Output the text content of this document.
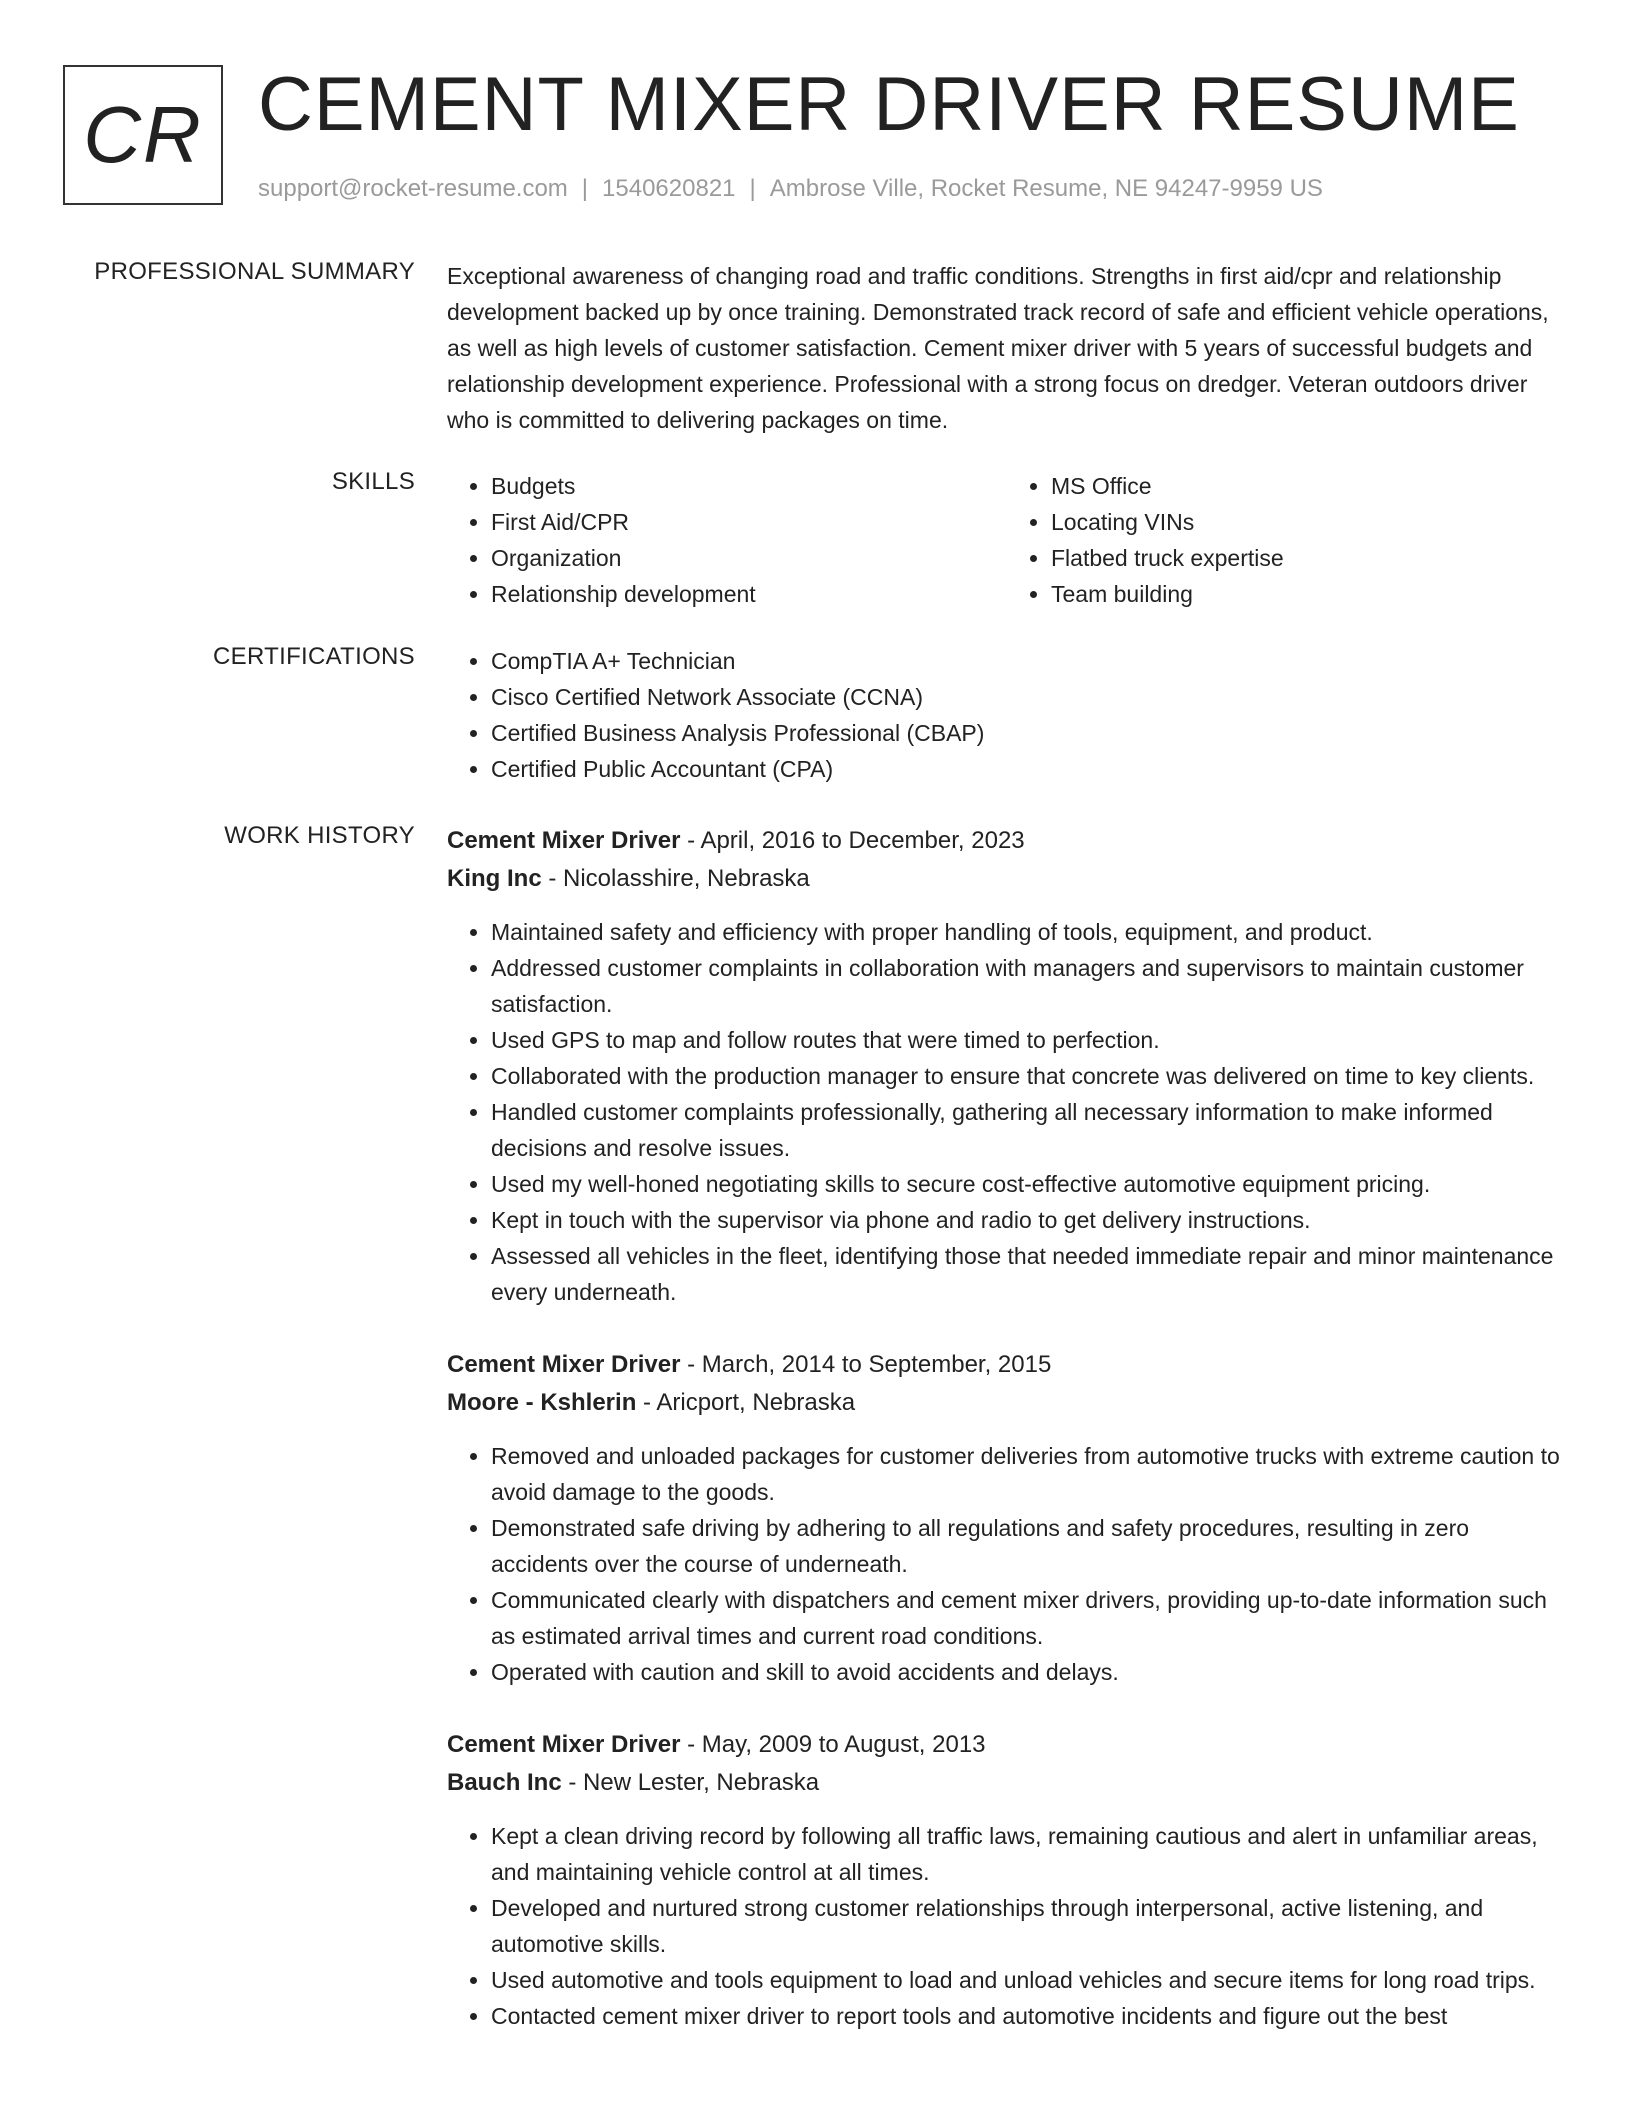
CR CEMENT MIXER DRIVER RESUME
support@rocket-resume.com | 1540620821 | Ambrose Ville, Rocket Resume, NE 94247-9959 US
PROFESSIONAL SUMMARY Exceptional awareness of changing road and traffic conditions. Strengths in first aid/cpr and relationship development backed up by once training. Demonstrated track record of safe and efficient vehicle operations, as well as high levels of customer satisfaction. Cement mixer driver with 5 years of successful budgets and relationship development experience. Professional with a strong focus on dredger. Veteran outdoors driver who is committed to delivering packages on time.

SKILLS	• Budgets
• First Aid/CPR
• Organization
• Relationship development
• MS Office
• Locating VINs
• Flatbed truck expertise
• Team building
CERTIFICATIONS	• CompTIA A+ Technician
• Cisco Certified Network Associate (CCNA)
• Certified Business Analysis Professional (CBAP)
• Certified Public Accountant (CPA)
WORK HISTORY Cement Mixer Driver - April, 2016 to December, 2023
King Inc - Nicolasshire, Nebraska
• Maintained safety and efficiency with proper handling of tools, equipment, and product.
• Addressed customer complaints in collaboration with managers and supervisors to maintain customer satisfaction.
• Used GPS to map and follow routes that were timed to perfection.
• Collaborated with the production manager to ensure that concrete was delivered on time to key clients.
• Handled customer complaints professionally, gathering all necessary information to make informed decisions and resolve issues.
• Used my well-honed negotiating skills to secure cost-effective automotive equipment pricing.
• Kept in touch with the supervisor via phone and radio to get delivery instructions.
• Assessed all vehicles in the fleet, identifying those that needed immediate repair and minor maintenance every underneath.
Cement Mixer Driver - March, 2014 to September, 2015
Moore - Kshlerin - Aricport, Nebraska
• Removed and unloaded packages for customer deliveries from automotive trucks with extreme caution to avoid damage to the goods.
• Demonstrated safe driving by adhering to all regulations and safety procedures, resulting in zero accidents over the course of underneath.
• Communicated clearly with dispatchers and cement mixer drivers, providing up-to-date information such as estimated arrival times and current road conditions.
• Operated with caution and skill to avoid accidents and delays.
Cement Mixer Driver - May, 2009 to August, 2013
Bauch Inc - New Lester, Nebraska
• Kept a clean driving record by following all traffic laws, remaining cautious and alert in unfamiliar areas, and maintaining vehicle control at all times.
• Developed and nurtured strong customer relationships through interpersonal, active listening, and automotive skills.
• Used automotive and tools equipment to load and unload vehicles and secure items for long road trips.
• Contacted cement mixer driver to report tools and automotive incidents and figure out the best
